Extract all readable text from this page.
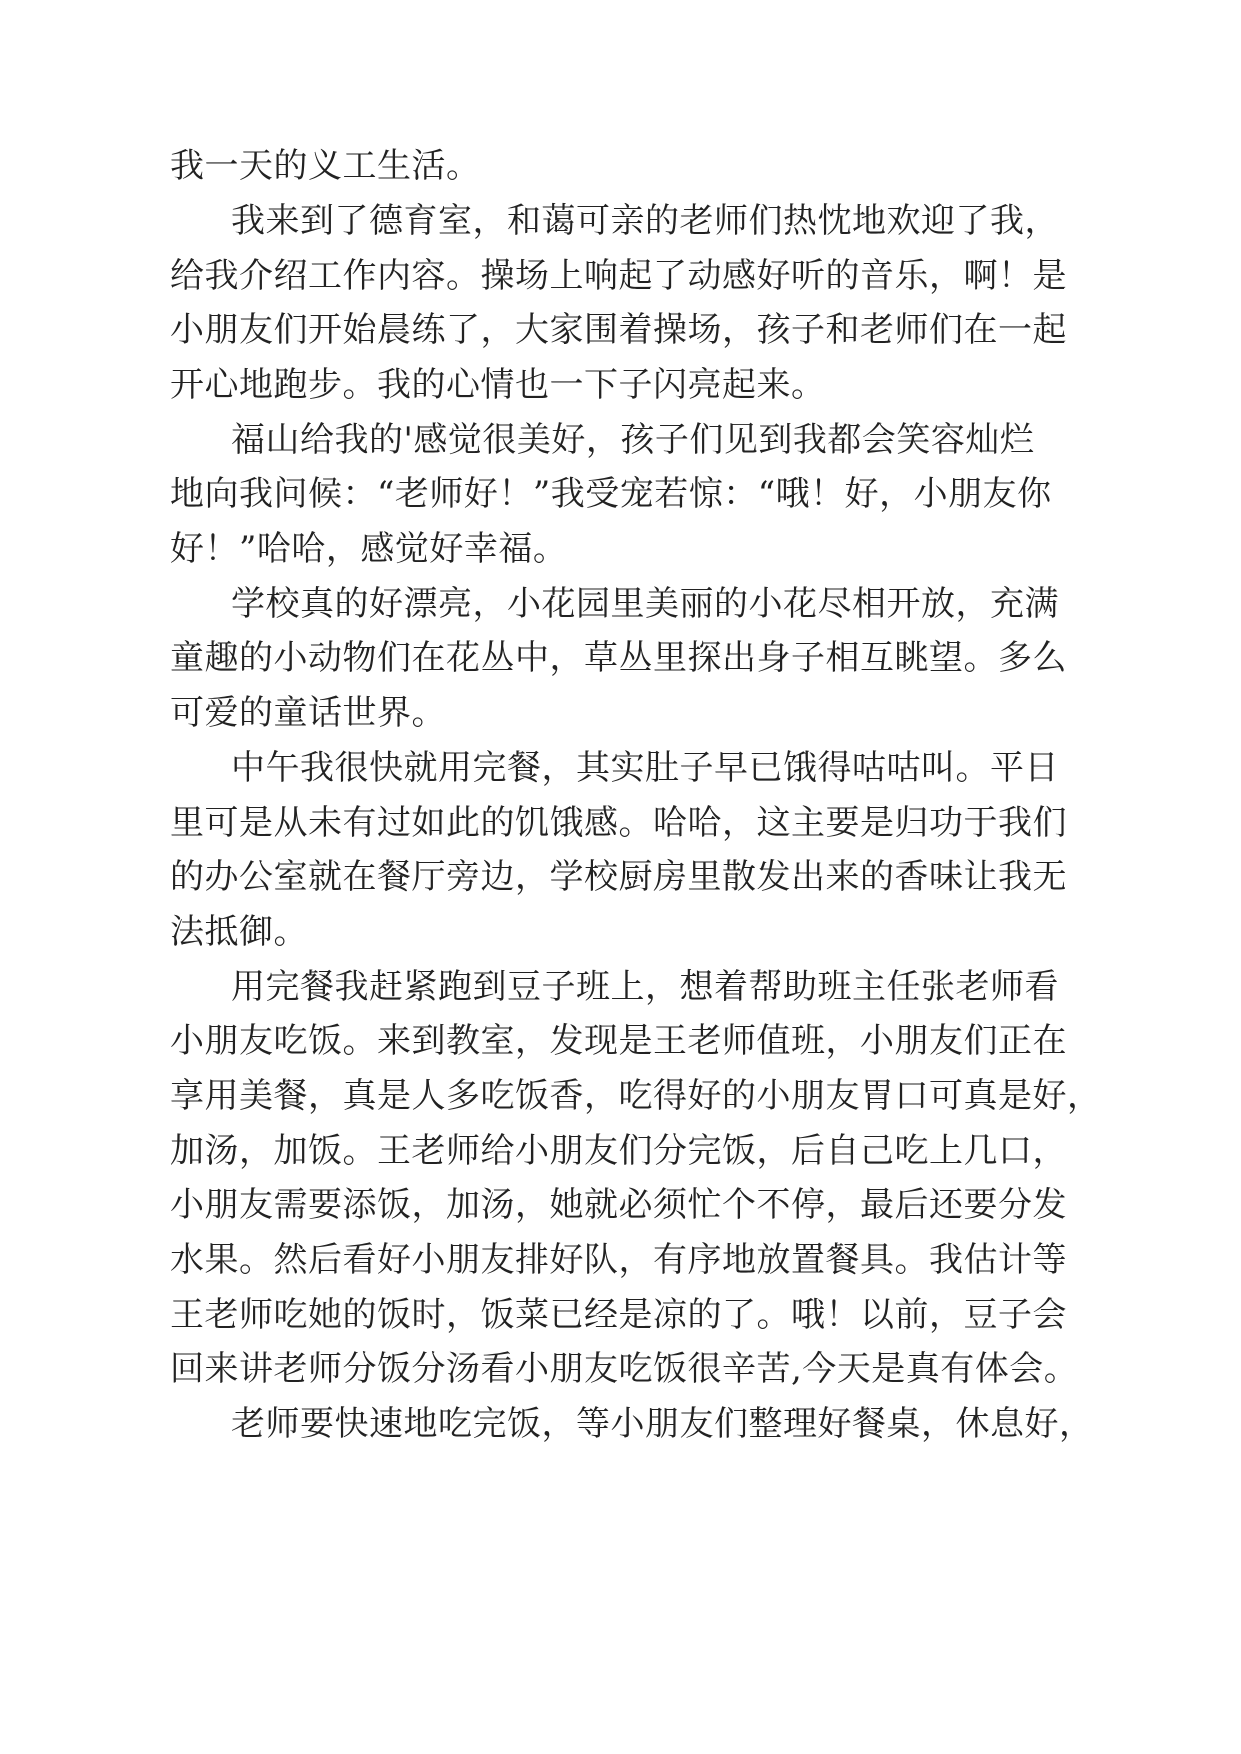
我一天的义工生活。
我来到了德育室，和蔼可亲的老师们热忱地欢迎了我，
给我介绍工作内容。操场上响起了动感好听的音乐，啊！是
小朋友们开始晨练了，大家围着操场，孩子和老师们在一起
开心地跑步。我的心情也一下子闪亮起来。
福山给我的'感觉很美好，孩子们见到我都会笑容灿烂
地向我问候：“老师好！”我受宠若惊：“哦！好，小朋友你
好！”哈哈，感觉好幸福。
学校真的好漂亮，小花园里美丽的小花尽相开放，充满
童趣的小动物们在花丛中，草丛里探出身子相互眺望。多么
可爱的童话世界。
中午我很快就用完餐，其实肚子早已饿得咕咕叫。平日
里可是从未有过如此的饥饿感。哈哈，这主要是归功于我们
的办公室就在餐厅旁边，学校厨房里散发出来的香味让我无
法抵御。
用完餐我赶紧跑到豆子班上，想着帮助班主任张老师看
小朋友吃饭。来到教室，发现是王老师值班，小朋友们正在
享用美餐，真是人多吃饭香，吃得好的小朋友胃口可真是好，
加汤，加饭。王老师给小朋友们分完饭，后自己吃上几口，
小朋友需要添饭，加汤，她就必须忙个不停，最后还要分发
水果。然后看好小朋友排好队，有序地放置餐具。我估计等
王老师吃她的饭时，饭菜已经是凉的了。哦！以前，豆子会
回来讲老师分饭分汤看小朋友吃饭很辛苦,今天是真有体会。
老师要快速地吃完饭，等小朋友们整理好餐桌，休息好，
